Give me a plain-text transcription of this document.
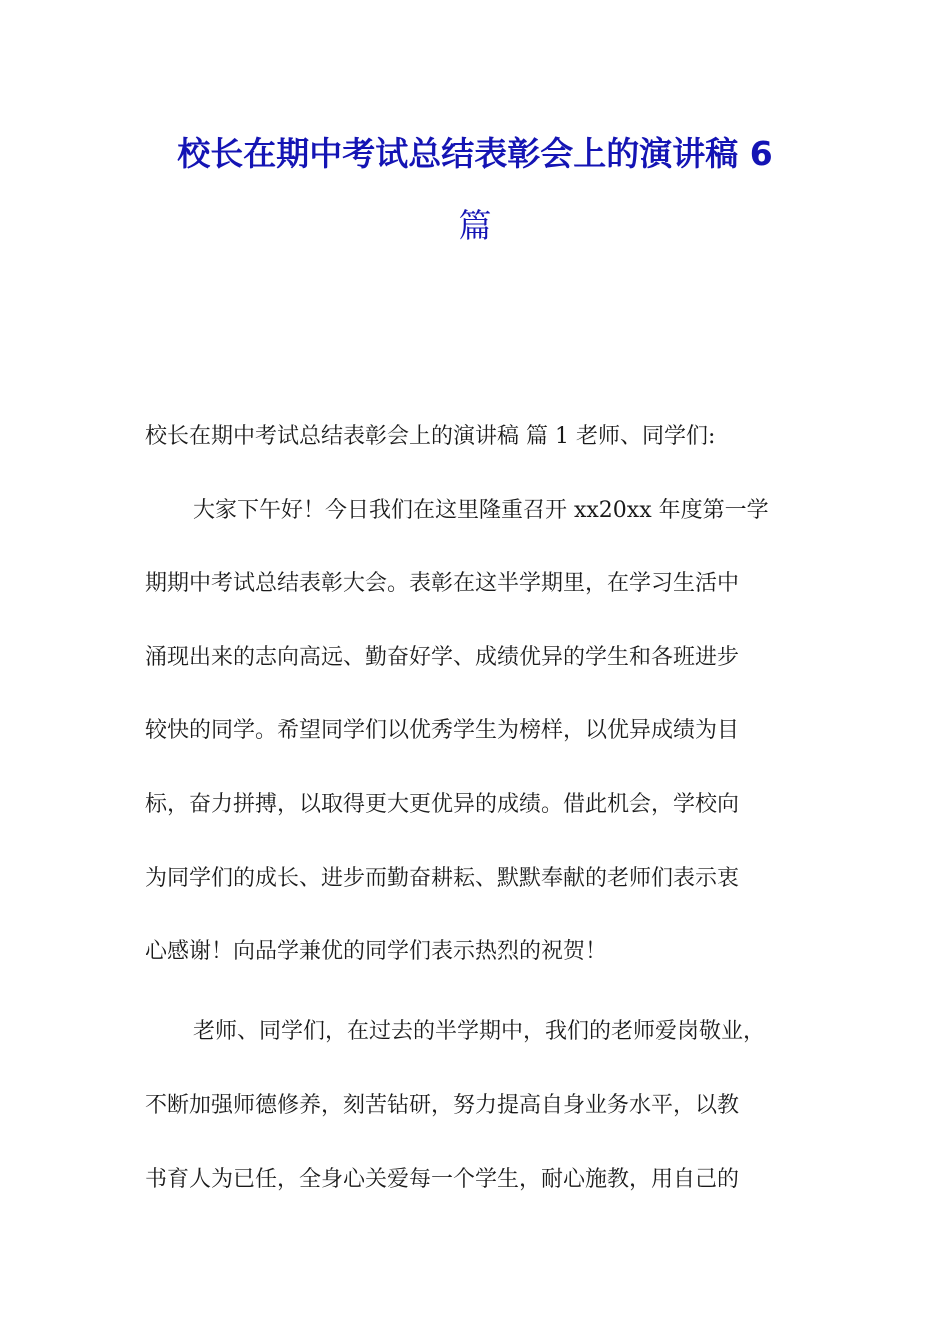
校长在期中考试总结表彰会上的演讲稿 6
篇

校长在期中考试总结表彰会上的演讲稿 篇 1 老师、同学们:

大家下午好！今日我们在这里隆重召开 xx20xx 年度第一学

期期中考试总结表彰大会。表彰在这半学期里，在学习生活中

涌现出来的志向高远、勤奋好学、成绩优异的学生和各班进步

较快的同学。希望同学们以优秀学生为榜样，以优异成绩为目

标，奋力拼搏，以取得更大更优异的成绩。借此机会，学校向

为同学们的成长、进步而勤奋耕耘、默默奉献的老师们表示衷

心感谢！向品学兼优的同学们表示热烈的祝贺！

老师、同学们，在过去的半学期中，我们的老师爱岗敬业，

不断加强师德修养，刻苦钻研，努力提高自身业务水平，以教

书育人为已任，全身心关爱每一个学生，耐心施教，用自己的
